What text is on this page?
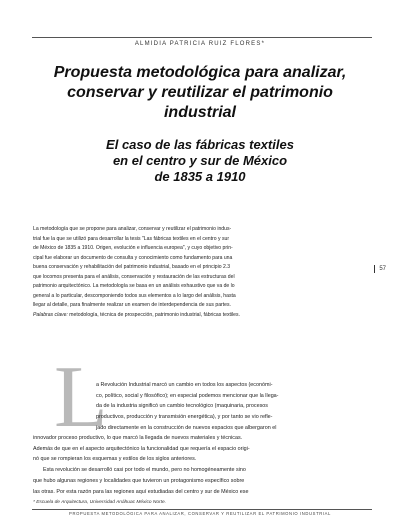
ALMIDIA PATRICIA RUIZ FLORES*
Propuesta metodológica para analizar,
conservar y reutilizar el patrimonio
industrial
El caso de las fábricas textiles
en el centro y sur de México
de 1835 a 1910
La metodología que se propone para analizar, conservar y reutilizar el patrimonio indus-
trial fue la que se utilizó para desarrollar la tesis "Las fábricas textiles en el centro y sur
de México de 1835 a 1910. Origen, evolución e influencia europea", y cuyo objetivo prin-
cipal fue elaborar un documento de consulta y conocimiento como fundamento para una
buena conservación y rehabilitación del patrimonio industrial, basado en el principio 2.3
que locomos presenta para el análisis, conservación y restauración de las estructuras del
patrimonio arquitectónico. La metodología se basa en un análisis exhaustivo que va de lo
general a lo particular, descomponiendo todos sus elementos a lo largo del análisis, hasta
llegar al detalle, para finalmente realizar un examen de interdependencia de sus partes.
Palabras clave: metodología, técnica de prospección, patrimonio industrial, fábricas textiles.
57
L
a Revolución Industrial marcó un cambio en todos los aspectos (económi-
co, político, social y filosófico); en especial podemos mencionar que la llega-
da de la industria significó un cambio tecnológico (maquinaria, procesos
productivos, producción y transmisión energética), y por tanto se vio refle-
jado directamente en la construcción de nuevos espacios que albergaron el
innovador proceso productivo, lo que marcó la llegada de nuevos materiales y técnicas.
Además de que en el aspecto arquitectónico la funcionalidad que requería el espacio origi-
nó que se rompieran los esquemas y estilos de los siglos anteriores.
Esta revolución se desarrolló casi por todo el mundo, pero no homogéneamente sino
que hubo algunas regiones y localidades que tuvieron un protagonismo específico sobre
las otras. Por esta razón para las regiones aquí estudiadas del centro y sur de México ese
* Escuela de Arquitectura, Universidad Anáhuac México Norte.
PROPUESTA METODOLÓGICA PARA ANALIZAR, CONSERVAR Y REUTILIZAR EL PATRIMONIO INDUSTRIAL
